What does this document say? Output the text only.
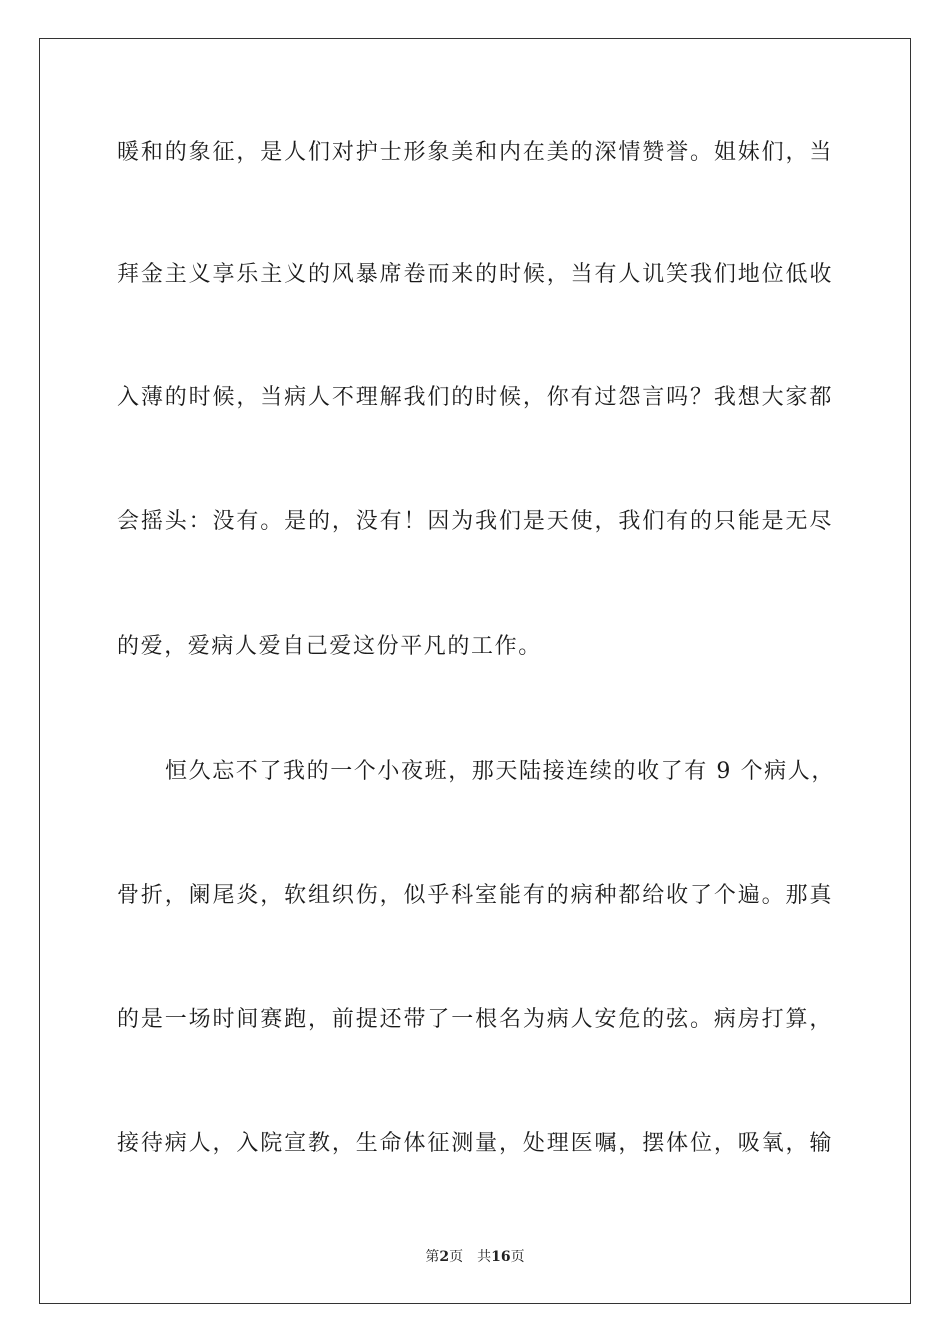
暖和的象征，是人们对护士形象美和内在美的深情赞誉。姐妹们，当
拜金主义享乐主义的风暴席卷而来的时候，当有人讥笑我们地位低收
入薄的时候，当病人不理解我们的时候，你有过怨言吗？我想大家都
会摇头：没有。是的，没有！因为我们是天使，我们有的只能是无尽
的爱，爱病人爱自己爱这份平凡的工作。
恒久忘不了我的一个小夜班，那天陆接连续的收了有 9 个病人，
骨折，阑尾炎，软组织伤，似乎科室能有的病种都给收了个遍。那真
的是一场时间赛跑，前提还带了一根名为病人安危的弦。病房打算，
接待病人，入院宣教，生命体征测量，处理医嘱，摆体位，吸氧，输
第2页 共16页
